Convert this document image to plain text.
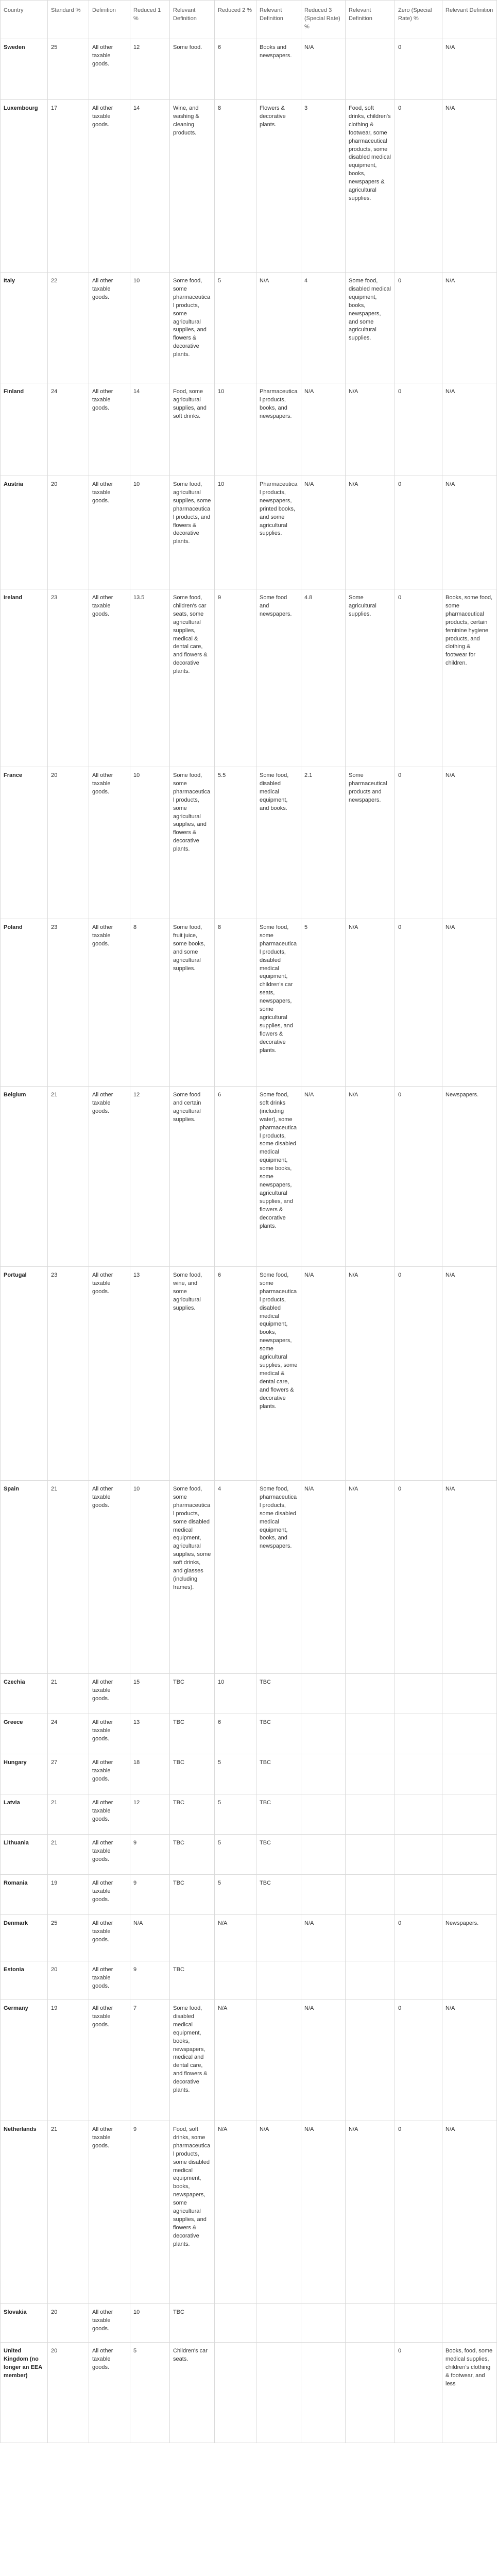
Country	Standard %	Definition	Reduced 1 %	Relevant Definition	Reduced 2 %	Relevant Definition	Reduced 3 (Special Rate) %	Relevant Definition	Zero (Special Rate) %	Relevant Definition
Sweden	25	All other taxable goods.	12	Some food.	6	Books and newspapers.	N/A		0	N/A
Luxembourg	17	All other taxable goods.	14	Wine, and washing & cleaning products.	8	Flowers & decorative plants.	3	Food, soft drinks, children's clothing & footwear, some pharmaceutical products, some disabled medical equipment, books, newspapers & agricultural supplies.	0	N/A
Italy	22	All other taxable goods.	10	Some food, some pharmaceutical products, some agricultural supplies, and flowers & decorative plants.	5	N/A	4	Some food, disabled medical equipment, books, newspapers, and some agricultural supplies.	0	N/A
Finland	24	All other taxable goods.	14	Food, some agricultural supplies, and soft drinks.	10	Pharmaceutical products, books, and newspapers.	N/A	N/A	0	N/A
Austria	20	All other taxable goods.	10	Some food, agricultural supplies, some pharmaceutical products, and flowers & decorative plants.	10	Pharmaceutical products, newspapers, printed books, and some agricultural supplies.	N/A	N/A	0	N/A
Ireland	23	All other taxable goods.	13.5	Some food, children's car seats, some agricultural supplies, medical & dental care, and flowers & decorative plants.	9	Some food and newspapers.	4.8	Some agricultural supplies.	0	Books, some food, some pharmaceutical products, certain feminine hygiene products, and clothing & footwear for children.
France	20	All other taxable goods.	10	Some food, some pharmaceutical products, some agricultural supplies, and flowers & decorative plants.	5.5	Some food, disabled medical equipment, and books.	2.1	Some pharmaceutical products and newspapers.	0	N/A
Poland	23	All other taxable goods.	8	Some food, fruit juice, some books, and some agricultural supplies.	8	Some food, some pharmaceutical products, disabled medical equipment, children's car seats, newspapers, some agricultural supplies, and flowers & decorative plants.	5	N/A	0	N/A
Belgium	21	All other taxable goods.	12	Some food and certain agricultural supplies.	6	Some food, soft drinks (including water), some pharmaceutical products, some disabled medical equipment, some books, some newspapers, agricultural supplies, and flowers & decorative plants.	N/A	N/A	0	Newspapers.
Portugal	23	All other taxable goods.	13	Some food, wine, and some agricultural supplies.	6	Some food, some pharmaceutical products, disabled medical equipment, books, newspapers, some agricultural supplies, some medical & dental care, and flowers & decorative plants.	N/A	N/A	0	N/A
Spain	21	All other taxable goods.	10	Some food, some pharmaceutical products, some disabled medical equipment, agricultural supplies, some soft drinks, and glasses (including frames).	4	Some food, pharmaceutical products, some disabled medical equipment, books, and newspapers.	N/A	N/A	0	N/A
Czechia	21	All other taxable goods.	15	TBC	10	TBC				
Greece	24	All other taxable goods.	13	TBC	6	TBC				
Hungary	27	All other taxable goods.	18	TBC	5	TBC				
Latvia	21	All other taxable goods.	12	TBC	5	TBC				
Lithuania	21	All other taxable goods.	9	TBC	5	TBC				
Romania	19	All other taxable goods.	9	TBC	5	TBC				
Denmark	25	All other taxable goods.	N/A		N/A		N/A		0	Newspapers.
Estonia	20	All other taxable goods.	9	TBC						
Germany	19	All other taxable goods.	7	Some food, disabled medical equipment, books, newspapers, medical and dental care, and flowers & decorative plants.	N/A		N/A		0	N/A
Netherlands	21	All other taxable goods.	9	Food, soft drinks, some pharmaceutical products, some disabled medical equipment, books, newspapers, some agricultural supplies, and flowers & decorative plants.	N/A	N/A	N/A	N/A	0	N/A
Slovakia	20	All other taxable goods.	10	TBC						
United Kingdom (no longer an EEA member)	20	All other taxable goods.	5	Children's car seats.					0	Books, food, some medical supplies, children's clothing & footwear, and less
